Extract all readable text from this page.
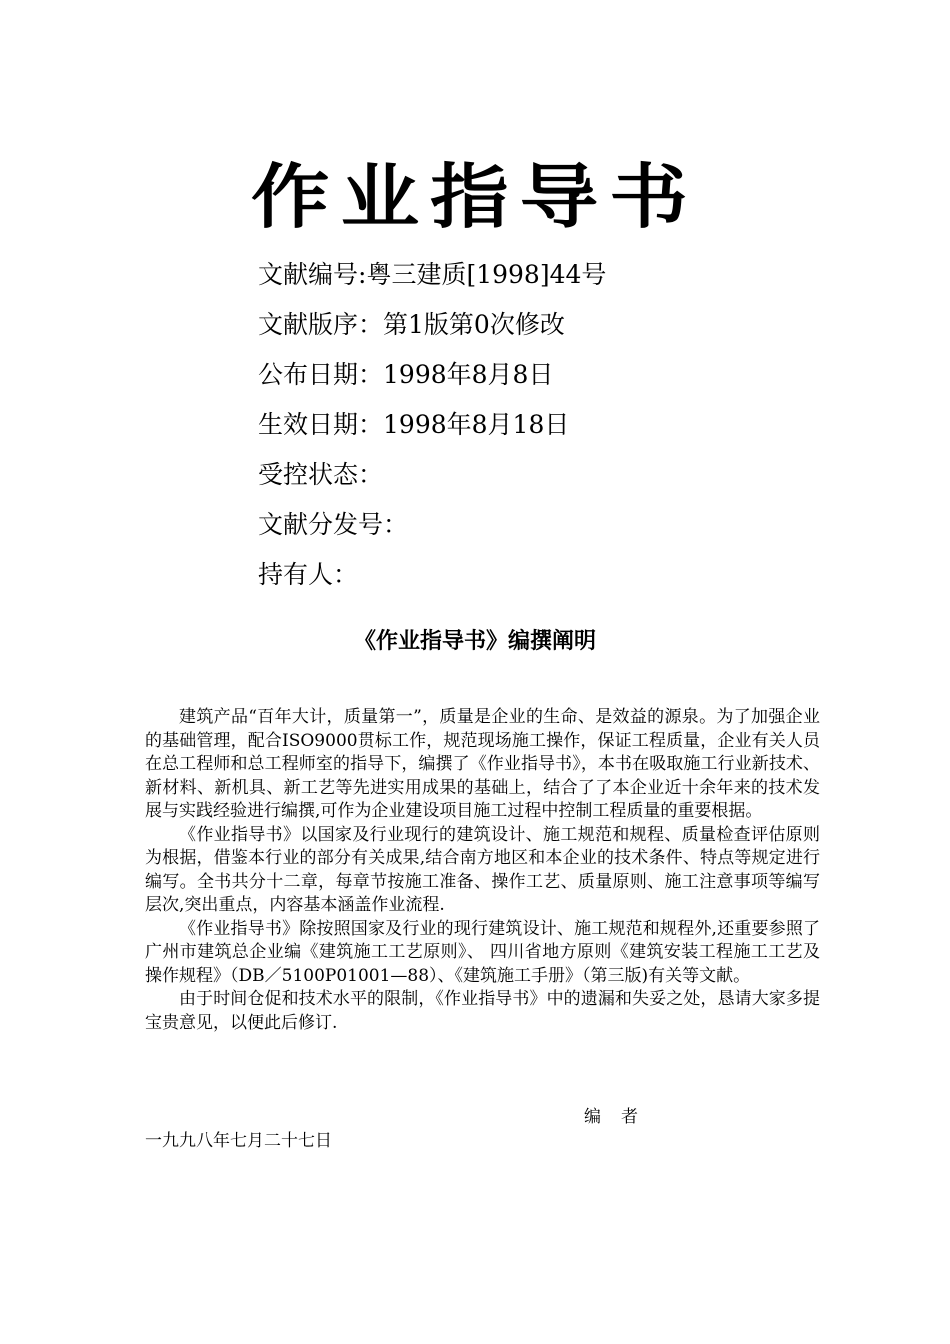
作业指导书
文献编号:粤三建质[1998]44号
文献版序：第1版第0次修改
公布日期：1998年8月8日
生效日期：1998年8月18日
受控状态：
文献分发号：
持有人：
《作业指导书》编撰阐明

建筑产品“百年大计，质量第一”，质量是企业的生命、是效益的源泉。为了加强企业的基础管理，配合ISO9000贯标工作，规范现场施工操作，保证工程质量，企业有关人员在总工程师和总工程师室的指导下，编撰了《作业指导书》，本书在吸取施工行业新技术、新材料、新机具、新工艺等先进实用成果的基础上，结合了了本企业近十余年来的技术发展与实践经验进行编撰,可作为企业建设项目施工过程中控制工程质量的重要根据。

《作业指导书》以国家及行业现行的建筑设计、施工规范和规程、质量检查评估原则为根据，借鉴本行业的部分有关成果,结合南方地区和本企业的技术条件、特点等规定进行编写。全书共分十二章，每章节按施工准备、操作工艺、质量原则、施工注意事项等编写层次,突出重点，内容基本涵盖作业流程.

《作业指导书》除按照国家及行业的现行建筑设计、施工规范和规程外,还重要参照了广州市建筑总企业编《建筑施工工艺原则》、 四川省地方原则《建筑安装工程施工工艺及操作规程》（DB／5100P01001—88）、《建筑施工手册》（第三版)有关等文献。

由于时间仓促和技术水平的限制，《作业指导书》中的遗漏和失妥之处，恳请大家多提宝贵意见，以便此后修订.

编者
一九九八年七月二十七日
